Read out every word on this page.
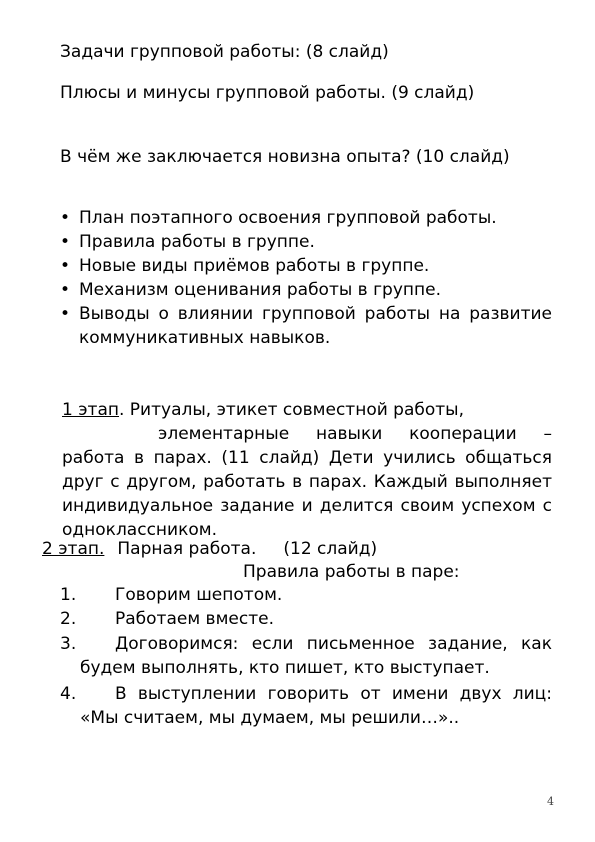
Задачи групповой работы: (8 слайд)

Плюсы и минусы групповой работы. (9 слайд)

В чём же заключается новизна опыта? (10 слайд)

• План поэтапного освоения групповой работы.
• Правила работы в группе.
• Новые виды приёмов работы в группе.
• Механизм оценивания работы в группе.
• Выводы о влиянии групповой работы на развитие коммуникативных навыков.

1 этап. Ритуалы, этикет совместной работы,

элементарные навыки кооперации –

работа в парах. (11 слайд) Дети учились общаться друг с другом, работать в парах. Каждый выполняет индивидуальное задание и делится своим успехом с одноклассником.

2 этап. Парная работа.     (12 слайд)

Правила работы в паре:

1. Говорим шепотом.
2. Работаем вместе.
3. Договоримся: если письменное задание, как будем выполнять, кто пишет, кто выступает.
4. В выступлении говорить от имени двух лиц: «Мы считаем, мы думаем, мы решили…»..
4
